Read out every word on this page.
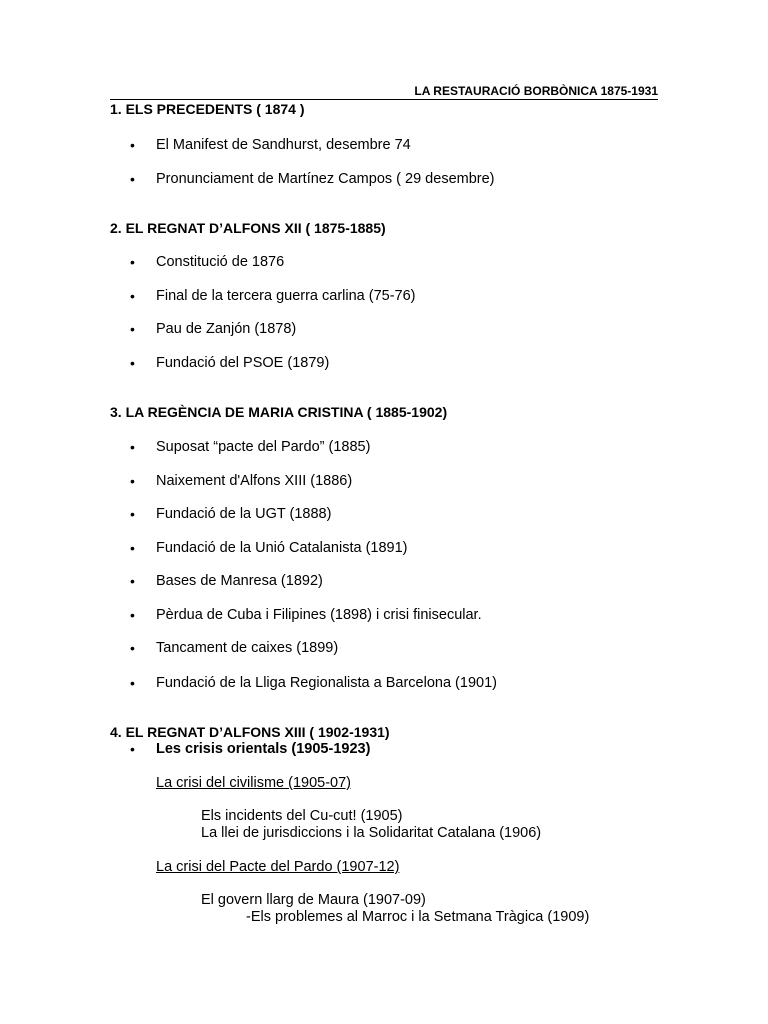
LA RESTAURACIÓ BORBÒNICA 1875-1931
1. ELS PRECEDENTS ( 1874 )
• El Manifest de Sandhurst, desembre 74
• Pronunciament de Martínez Campos ( 29 desembre)
2. EL REGNAT D’ALFONS XII ( 1875-1885)
• Constitució de 1876
• Final de la tercera guerra carlina (75-76)
• Pau de Zanjón (1878)
• Fundació del PSOE (1879)
3. LA REGÈNCIA DE MARIA CRISTINA ( 1885-1902)
• Suposat “pacte del Pardo” (1885)
• Naixement d'Alfons XIII (1886)
• Fundació de la UGT (1888)
• Fundació de la Unió Catalanista (1891)
• Bases de Manresa (1892)
• Pèrdua de Cuba i Filipines (1898) i crisi finisecular.
• Tancament de caixes (1899)
• Fundació de la Lliga Regionalista a Barcelona (1901)
4. EL REGNAT D’ALFONS XIII ( 1902-1931)
• Les crisis orientals (1905-1923)
La crisi del civilisme (1905-07)
Els incidents del Cu-cut! (1905)
La llei de jurisdiccions i la Solidaritat Catalana (1906)
La crisi del Pacte del Pardo (1907-12)
El govern llarg de Maura (1907-09)
-Els problemes al Marroc i la Setmana Tràgica (1909)
